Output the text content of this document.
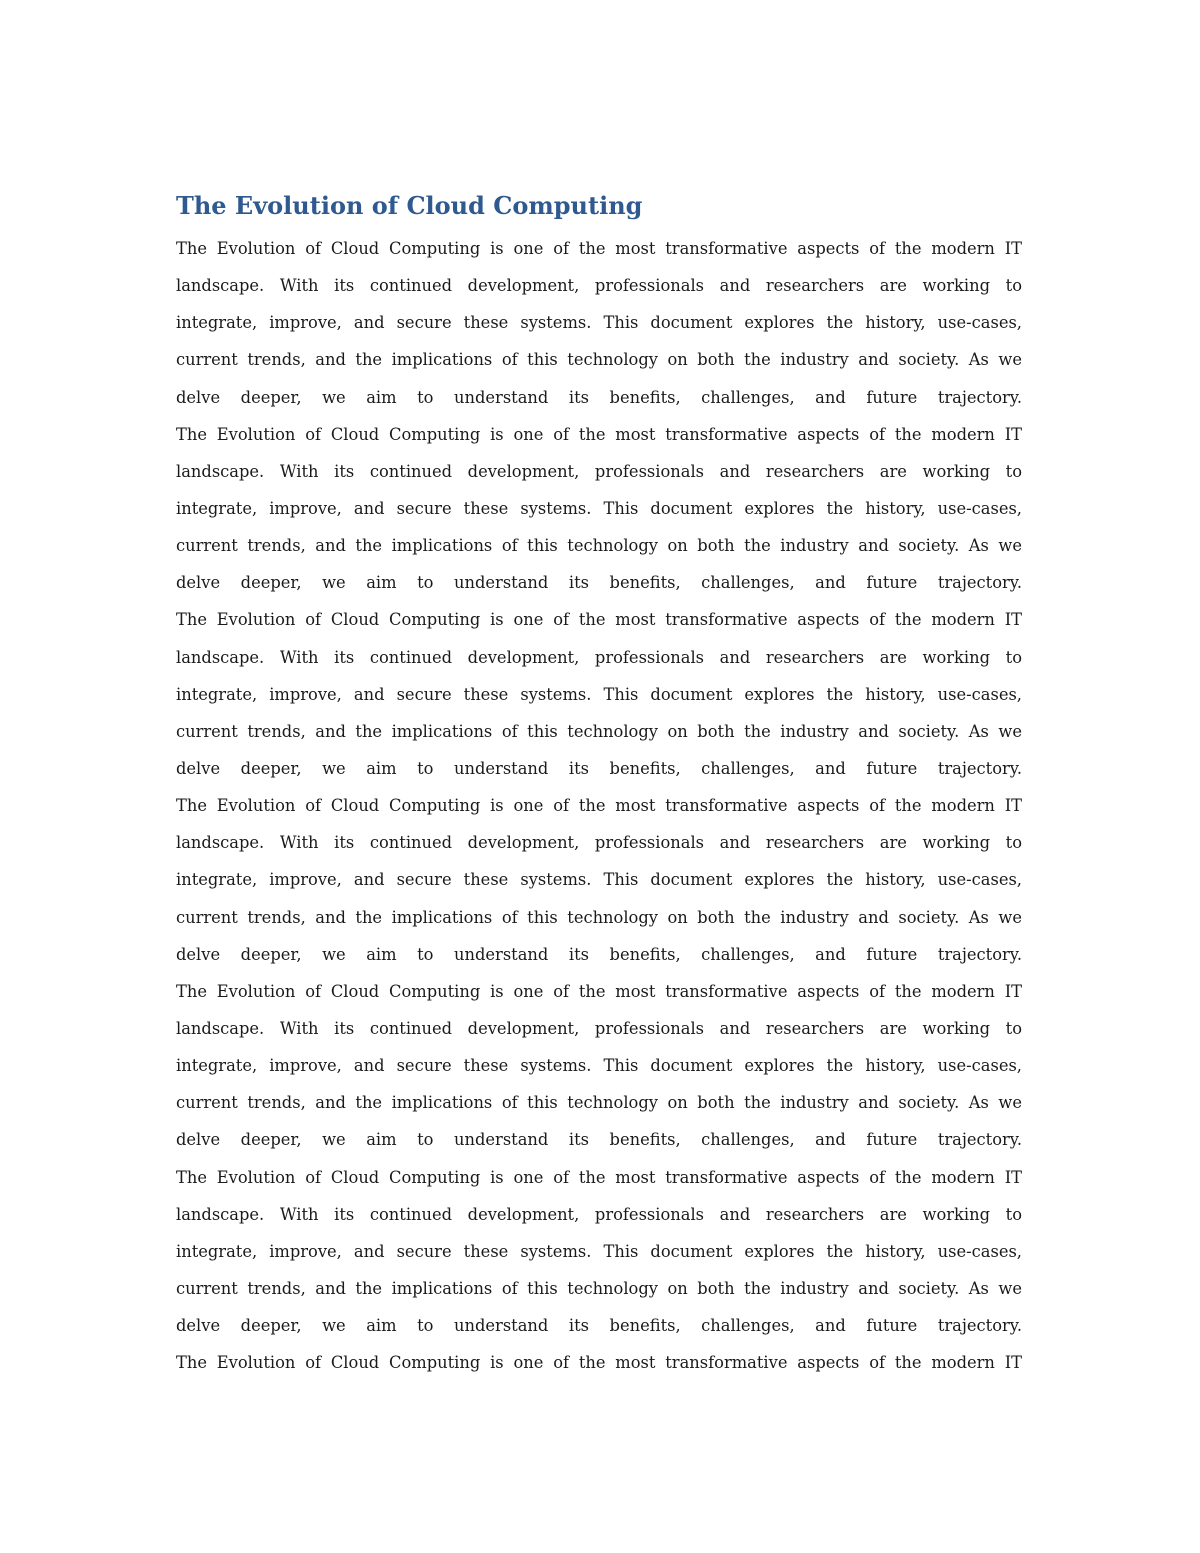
The Evolution of Cloud Computing
The Evolution of Cloud Computing is one of the most transformative aspects of the modern IT
landscape. With its continued development, professionals and researchers are working to
integrate, improve, and secure these systems. This document explores the history, use-cases,
current trends, and the implications of this technology on both the industry and society. As we
delve deeper, we aim to understand its benefits, challenges, and future trajectory.
The Evolution of Cloud Computing is one of the most transformative aspects of the modern IT
landscape. With its continued development, professionals and researchers are working to
integrate, improve, and secure these systems. This document explores the history, use-cases,
current trends, and the implications of this technology on both the industry and society. As we
delve deeper, we aim to understand its benefits, challenges, and future trajectory.
The Evolution of Cloud Computing is one of the most transformative aspects of the modern IT
landscape. With its continued development, professionals and researchers are working to
integrate, improve, and secure these systems. This document explores the history, use-cases,
current trends, and the implications of this technology on both the industry and society. As we
delve deeper, we aim to understand its benefits, challenges, and future trajectory.
The Evolution of Cloud Computing is one of the most transformative aspects of the modern IT
landscape. With its continued development, professionals and researchers are working to
integrate, improve, and secure these systems. This document explores the history, use-cases,
current trends, and the implications of this technology on both the industry and society. As we
delve deeper, we aim to understand its benefits, challenges, and future trajectory.
The Evolution of Cloud Computing is one of the most transformative aspects of the modern IT
landscape. With its continued development, professionals and researchers are working to
integrate, improve, and secure these systems. This document explores the history, use-cases,
current trends, and the implications of this technology on both the industry and society. As we
delve deeper, we aim to understand its benefits, challenges, and future trajectory.
The Evolution of Cloud Computing is one of the most transformative aspects of the modern IT
landscape. With its continued development, professionals and researchers are working to
integrate, improve, and secure these systems. This document explores the history, use-cases,
current trends, and the implications of this technology on both the industry and society. As we
delve deeper, we aim to understand its benefits, challenges, and future trajectory.
The Evolution of Cloud Computing is one of the most transformative aspects of the modern IT
